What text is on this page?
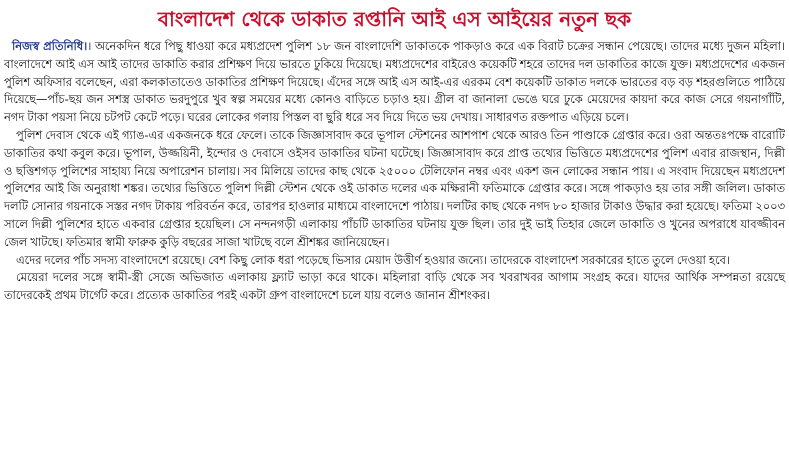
বাংলাদেশ থেকে ডাকাত রপ্তানি আই এস আইয়ের নতুন ছক

নিজস্ব প্রতিনিধি।। অনেকদিন ধরে পিছু ধাওয়া করে মধ্যপ্রদেশ পুলিশ ১৮ জন বাংলাদেশি ডাকাতকে পাকড়াও করে এক বিরাট চক্রের সন্ধান পেয়েছে। তাদের মধ্যে দুজন মহিলা। বাংলাদেশে আই এস আই তাদের ডাকাতি করার প্রশিক্ষণ দিয়ে ভারতে ঢুকিয়ে দিয়েছে। মধ্যপ্রদেশের বাইরেও কয়েকটি শহরে তাদের দল ডাকাতির কাজে যুক্ত। মধ্যপ্রদেশের একজন পুলিশ অফিসার বলেছেন, এরা কলকাতাতেও ডাকাতির প্রশিক্ষণ দিয়েছে। এঁদের সঙ্গে আই এস আই-এর এরকম বেশ কয়েকটি ডাকাত দলকে ভারতের বড় বড় শহরগুলিতে পাঠিয়ে দিয়েছে—পাঁচ-ছয় জন সশস্ত্র ডাকাত ভরদুপুরে খুব স্বল্প সময়ের মধ্যে কোনও বাড়িতে চড়াও হয়। গ্রীল বা জানালা ভেঙে ঘরে ঢুকে মেয়েদের কায়দা করে কাজ সেরে গয়নাগাঁটি, নগদ টাকা পয়সা নিয়ে চটপট কেটে পড়ে। ঘরের লোকের গলায় পিস্তল বা ছুরি ধরে সব দিয়ে দিতে ভয় দেখায়। সাধারণত রক্তপাত এড়িয়ে চলে।

পুলিশ দেবাস থেকে এই গ্যাঙ-এর একজনকে ধরে ফেলে। তাকে জিজ্ঞাসাবাদ করে ভূপাল স্টেশনের আশপাশ থেকে আরও তিন পাণ্ডাকে গ্রেপ্তার করে। ওরা অন্ততঃপক্ষে বারোটি ডাকাতির কথা কবুল করে। ভূপাল, উজ্জয়িনী, ইন্দোর ও দেবাসে ওইসব ডাকাতির ঘটনা ঘটেছে। জিজ্ঞাসাবাদ করে প্রাপ্ত তথ্যের ভিত্তিতে মধ্যপ্রদেশের পুলিশ এবার রাজস্থান, দিল্লী ও ছত্তিশগড় পুলিশের সাহায্য নিয়ে অপারেশন চালায়। সব মিলিয়ে তাদের কাছ থেকে ২৫০০০ টেলিফোন নম্বর এবং একশ জন লোকের সন্ধান পায়। এ সংবাদ দিয়েছেন মধ্যপ্রদেশ পুলিশের আই জি অনুরাধা শঙ্কর। তথ্যের ভিত্তিতে পুলিশ দিল্লী স্টেশন থেকে ওই ডাকাত দলের এক মক্ষিরানী ফতিমাকে গ্রেপ্তার করে। সঙ্গে পাকড়াও হয় তার সঙ্গী জলিল। ডাকাত দলটি সোনার গয়নাকে সস্তর নগদ টাকায় পরিবর্তন করে, তারপর হাওলার মাধ্যমে বাংলাদেশে পাঠায়। দলটির কাছ থেকে নগদ ৮০ হাজার টাকাও উদ্ধার করা হয়েছে। ফতিমা ২০০৩ সালে দিল্লী পুলিশের হাতে একবার গ্রেপ্তার হয়েছিল। সে নন্দনগড়ী এলাকায় পাঁচটি ডাকাতির ঘটনায় যুক্ত ছিল। তার দুই ভাই তিহার জেলে ডাকাতি ও খুনের অপরাধে যাবজ্জীবন জেল খাটছে। ফতিমার স্বামী ফারুক কুড়ি বছরের সাজা খাটছে বলে শ্রীশঙ্কর জানিয়েছেন।

এদের দলের পাঁচ সদস্য বাংলাদেশে রয়েছে। বেশ কিছু লোক ধরা পড়েছে ভিসার মেয়াদ উত্তীর্ণ হওয়ার জন্যে। তাদেরকে বাংলাদেশ সরকারের হাতে তুলে দেওয়া হবে।

মেয়েরা দলের সঙ্গে স্বামী-স্ত্রী সেজে অভিজাত এলাকায় ফ্ল্যাট ভাড়া করে থাকে। মহিলারা বাড়ি থেকে সব খবরাখবর আগাম সংগ্রহ করে। যাদের আর্থিক সম্পন্নতা রয়েছে তাদেরকেই প্রথম টার্গেট করে। প্রত্যেক ডাকাতির পরই একটা গ্রুপ বাংলাদেশে চলে যায় বলেও জানান শ্রীশংকর।
